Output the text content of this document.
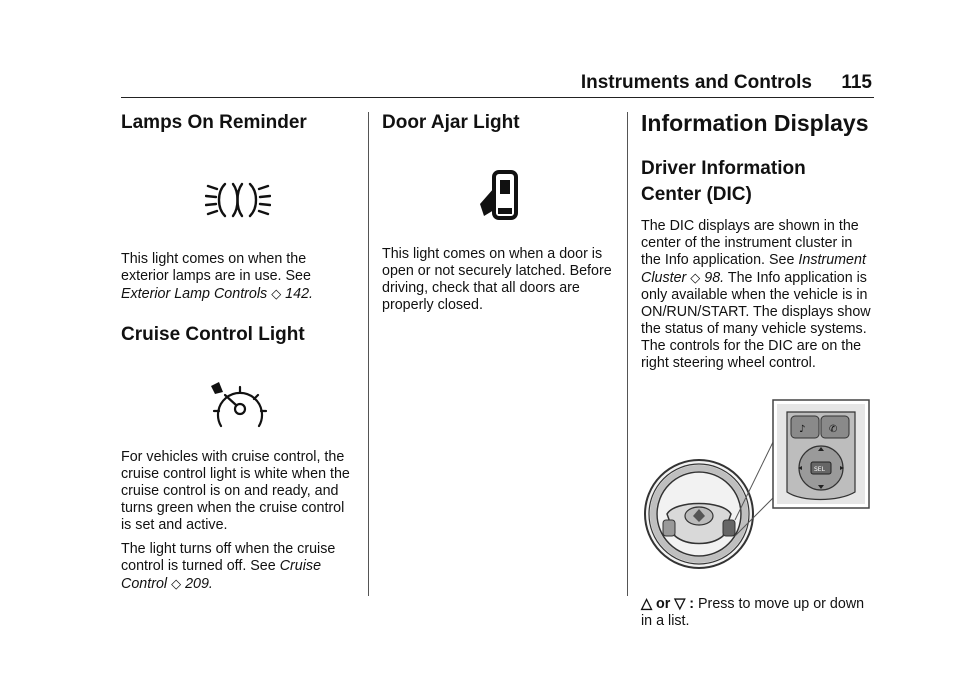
Instruments and Controls 115
Lamps On Reminder

This light comes on when the exterior lamps are in use. See Exterior Lamp Controls ◇ 142.

Cruise Control Light

For vehicles with cruise control, the cruise control light is white when the cruise control is on and ready, and turns green when the cruise control is set and active.

The light turns off when the cruise control is turned off. See Cruise Control ◇ 209.

Door Ajar Light

This light comes on when a door is open or not securely latched. Before driving, check that all doors are properly closed.

Information Displays
Driver Information
Center (DIC)

The DIC displays are shown in the center of the instrument cluster in the Info application. See Instrument Cluster ◇ 98. The Info application is only available when the vehicle is in ON/RUN/START. The displays show the status of many vehicle systems. The controls for the DIC are on the right steering wheel control.

♪ ✆
SEL

△ or ▽ : Press to move up or down in a list.
